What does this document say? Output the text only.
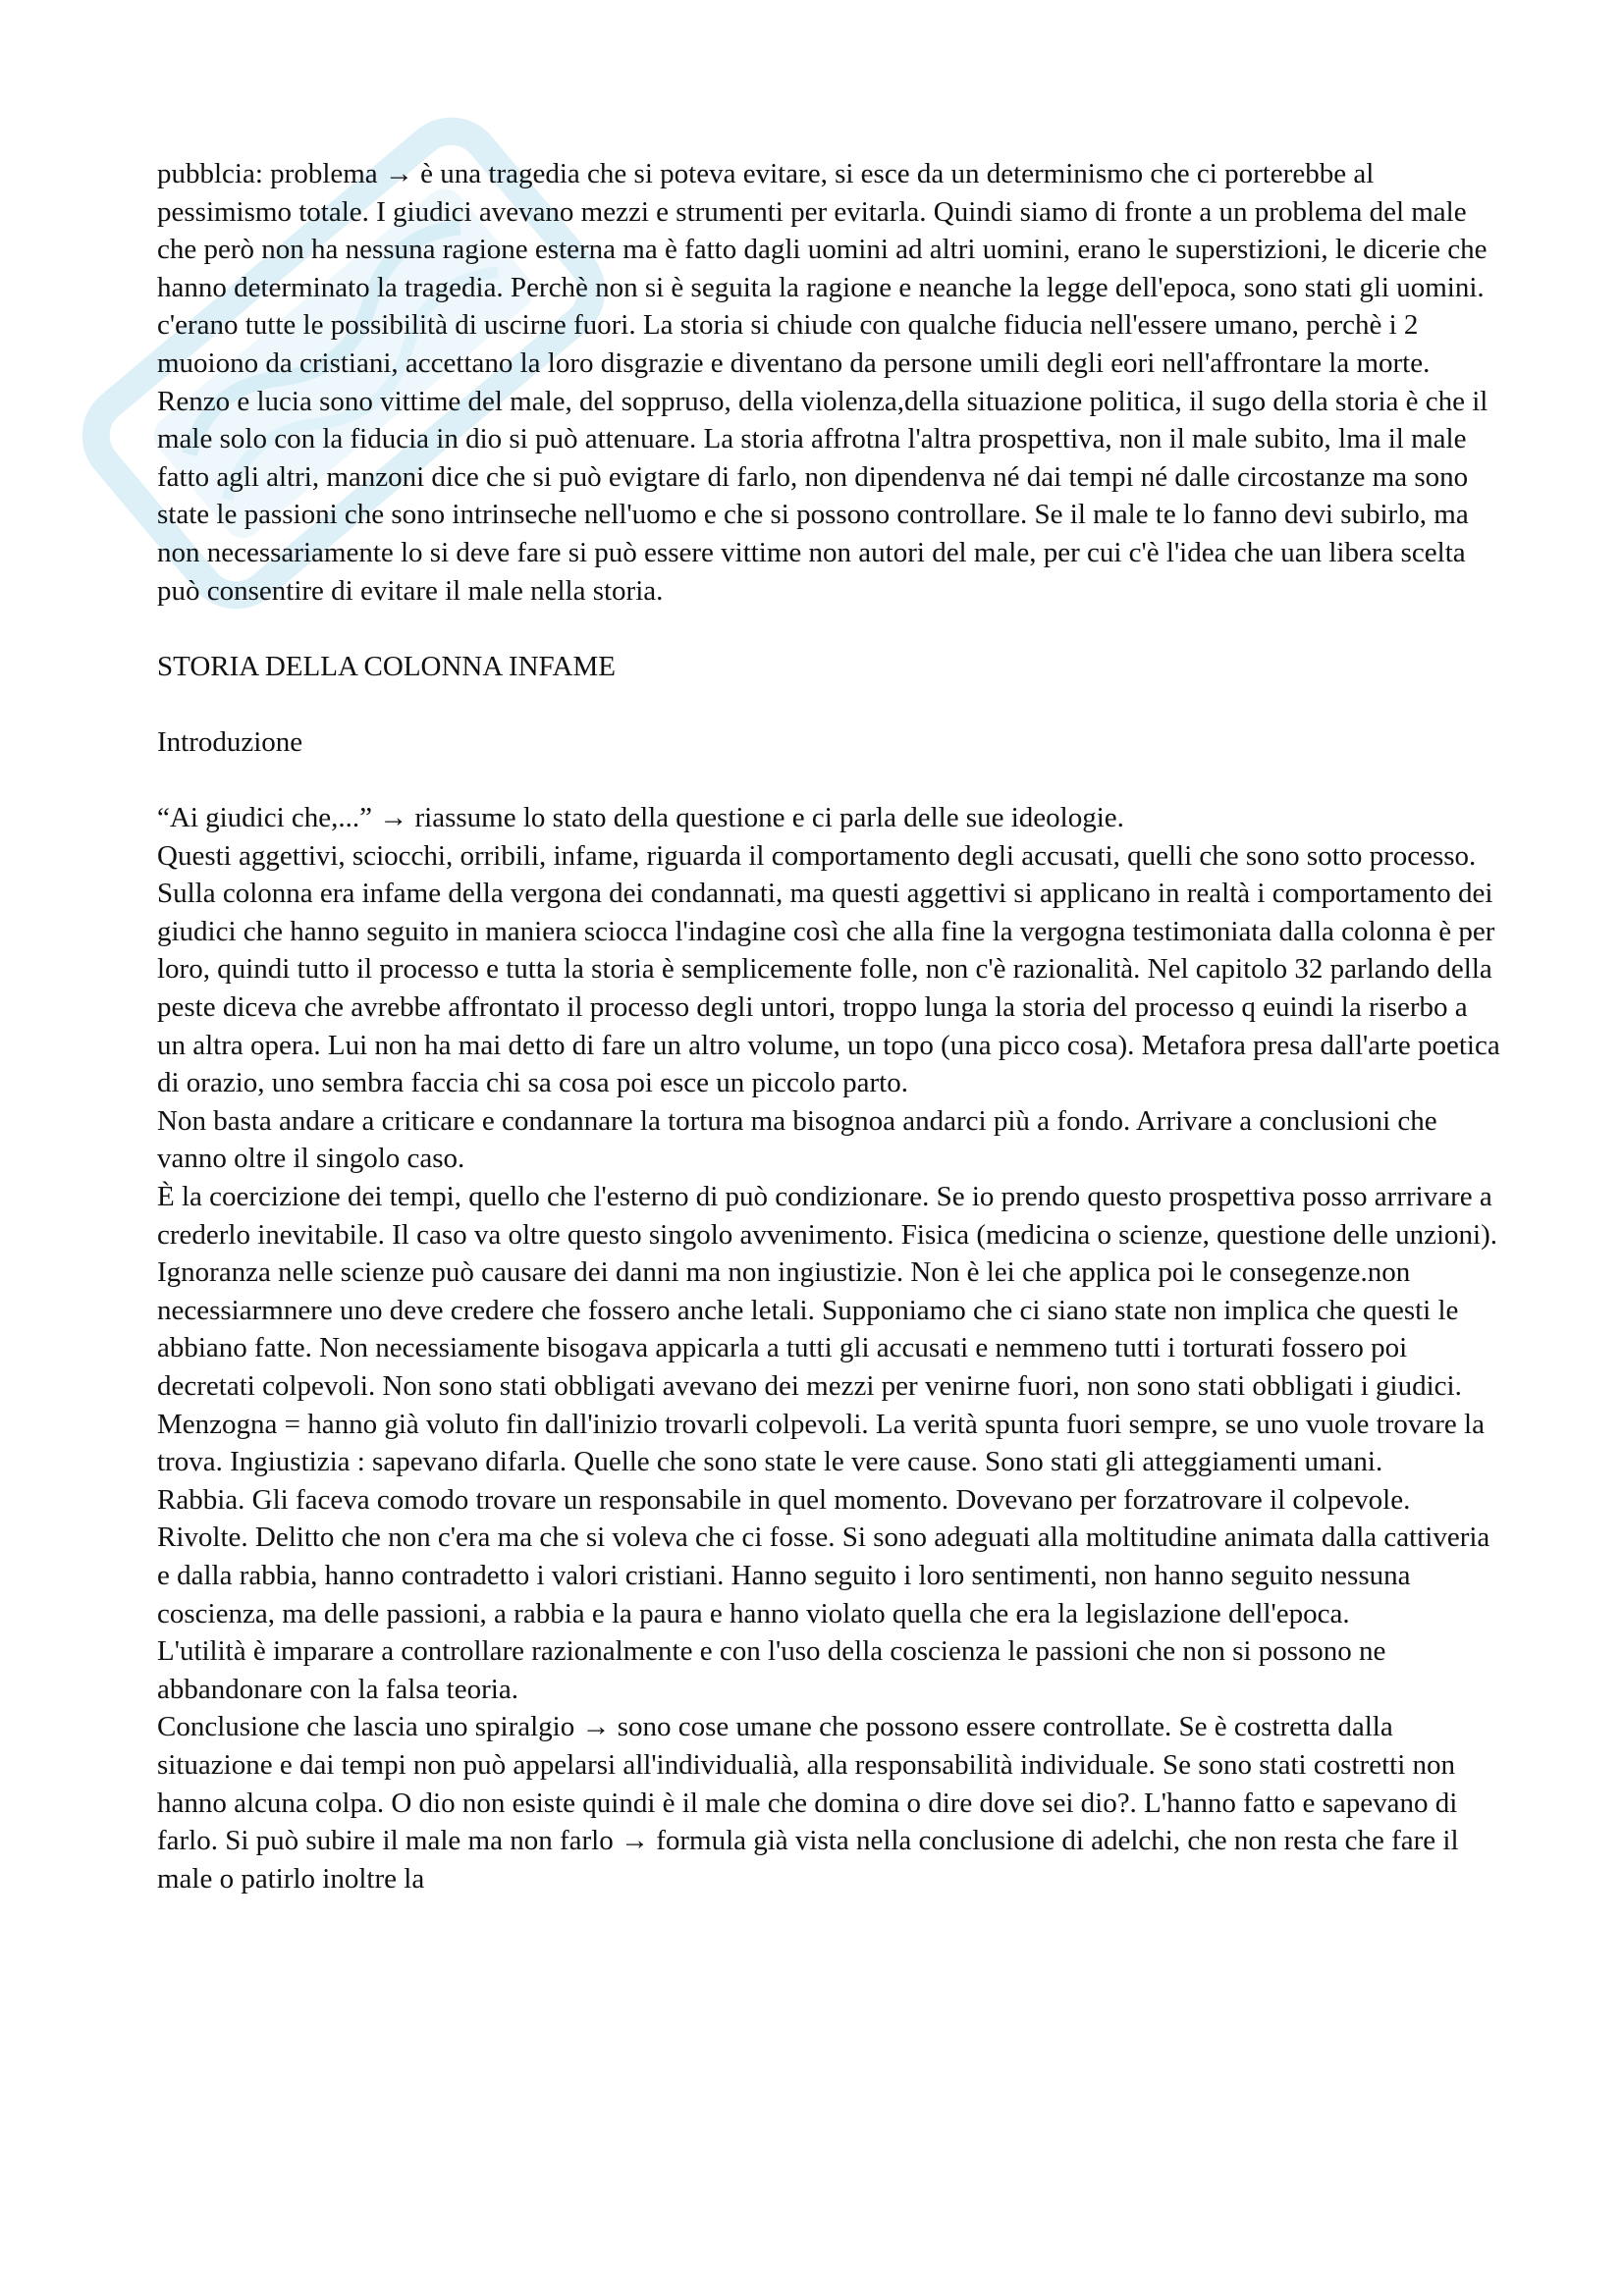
pubblcia: problema → è una tragedia che si poteva evitare, si esce da un determinismo che ci porterebbe al pessimismo totale. I giudici avevano mezzi e strumenti per evitarla. Quindi siamo di fronte a un problema del male che però non ha nessuna ragione esterna ma è fatto dagli uomini ad altri uomini, erano le superstizioni, le dicerie che hanno determinato la tragedia. Perchè non si è seguita la ragione e neanche la legge dell'epoca, sono stati gli uomini. c'erano tutte le possibilità di uscirne fuori. La storia si chiude con qualche fiducia nell'essere umano, perchè i 2 muoiono da cristiani, accettano la loro disgrazie e diventano da persone umili degli eori nell'affrontare la morte. Renzo e lucia sono vittime del male, del soppruso, della violenza,della situazione politica, il sugo della storia è che il male solo con la fiducia in dio si può attenuare. La storia affrotna l'altra prospettiva, non il male subito, lma il male fatto agli altri, manzoni dice che si può evigtare di farlo, non dipendenva né dai tempi né dalle circostanze ma sono state le passioni che sono intrinseche nell'uomo e che si possono controllare. Se il male te lo fanno devi subirlo, ma non necessariamente lo si deve fare si può essere vittime non autori del male, per cui c'è l'idea che uan libera scelta può consentire di evitare il male nella storia.

STORIA DELLA COLONNA INFAME

Introduzione

“Ai giudici che,...” → riassume lo stato della questione e ci parla delle sue ideologie.

Questi aggettivi, sciocchi, orribili, infame, riguarda il comportamento degli accusati, quelli che sono sotto processo. Sulla colonna era infame della vergona dei condannati, ma questi aggettivi si applicano in realtà i comportamento dei giudici che hanno seguito in maniera sciocca l'indagine così che alla fine la vergogna testimoniata dalla colonna è per loro, quindi tutto il processo e tutta la storia è semplicemente folle, non c'è razionalità. Nel capitolo 32 parlando della peste diceva che avrebbe affrontato il processo degli untori, troppo lunga la storia del processo q euindi la riserbo a un altra opera. Lui non ha mai detto di fare un altro volume, un topo (una picco cosa). Metafora presa dall'arte poetica di orazio, uno sembra faccia chi sa cosa poi esce un piccolo parto.

Non basta andare a criticare e condannare la tortura ma bisognoa andarci più a fondo. Arrivare a conclusioni che vanno oltre il singolo caso.

È la coercizione dei tempi, quello che l'esterno di può condizionare. Se io prendo questo prospettiva posso arrrivare a crederlo inevitabile. Il caso va oltre questo singolo avvenimento. Fisica (medicina o scienze, questione delle unzioni). Ignoranza nelle scienze può causare dei danni ma non ingiustizie. Non è lei che applica poi le consegenze.non necessiarmnere uno deve credere che fossero anche letali. Supponiamo che ci siano state non implica che questi le abbiano fatte. Non necessiamente bisogava appicarla a tutti gli accusati e nemmeno tutti i torturati fossero poi decretati colpevoli. Non sono stati obbligati avevano dei mezzi per venirne fuori, non sono stati obbligati i giudici. Menzogna = hanno già voluto fin dall'inizio trovarli colpevoli. La verità spunta fuori sempre, se uno vuole trovare la trova. Ingiustizia : sapevano difarla. Quelle che sono state le vere cause. Sono stati gli atteggiamenti umani.

Rabbia. Gli faceva comodo trovare un responsabile in quel momento. Dovevano per forzatrovare il colpevole. Rivolte. Delitto che non c'era ma che si voleva che ci fosse. Si sono adeguati alla moltitudine animata dalla cattiveria e dalla rabbia, hanno contradetto i valori cristiani. Hanno seguito i loro sentimenti, non hanno seguito nessuna coscienza, ma delle passioni, a rabbia e la paura e hanno violato quella che era la legislazione dell'epoca.

L'utilità è imparare a controllare razionalmente e con l'uso della coscienza le passioni che non si possono ne abbandonare con la falsa teoria.

Conclusione che lascia uno spiralgio → sono cose umane che possono essere controllate. Se è costretta dalla situazione e dai tempi non può appelarsi all'individualià, alla responsabilità individuale. Se sono stati costretti non hanno alcuna colpa. O dio non esiste quindi è il male che domina o dire dove sei dio?. L'hanno fatto e sapevano di farlo. Si può subire il male ma non farlo → formula già vista nella conclusione di adelchi, che non resta che fare il male o patirlo inoltre la
